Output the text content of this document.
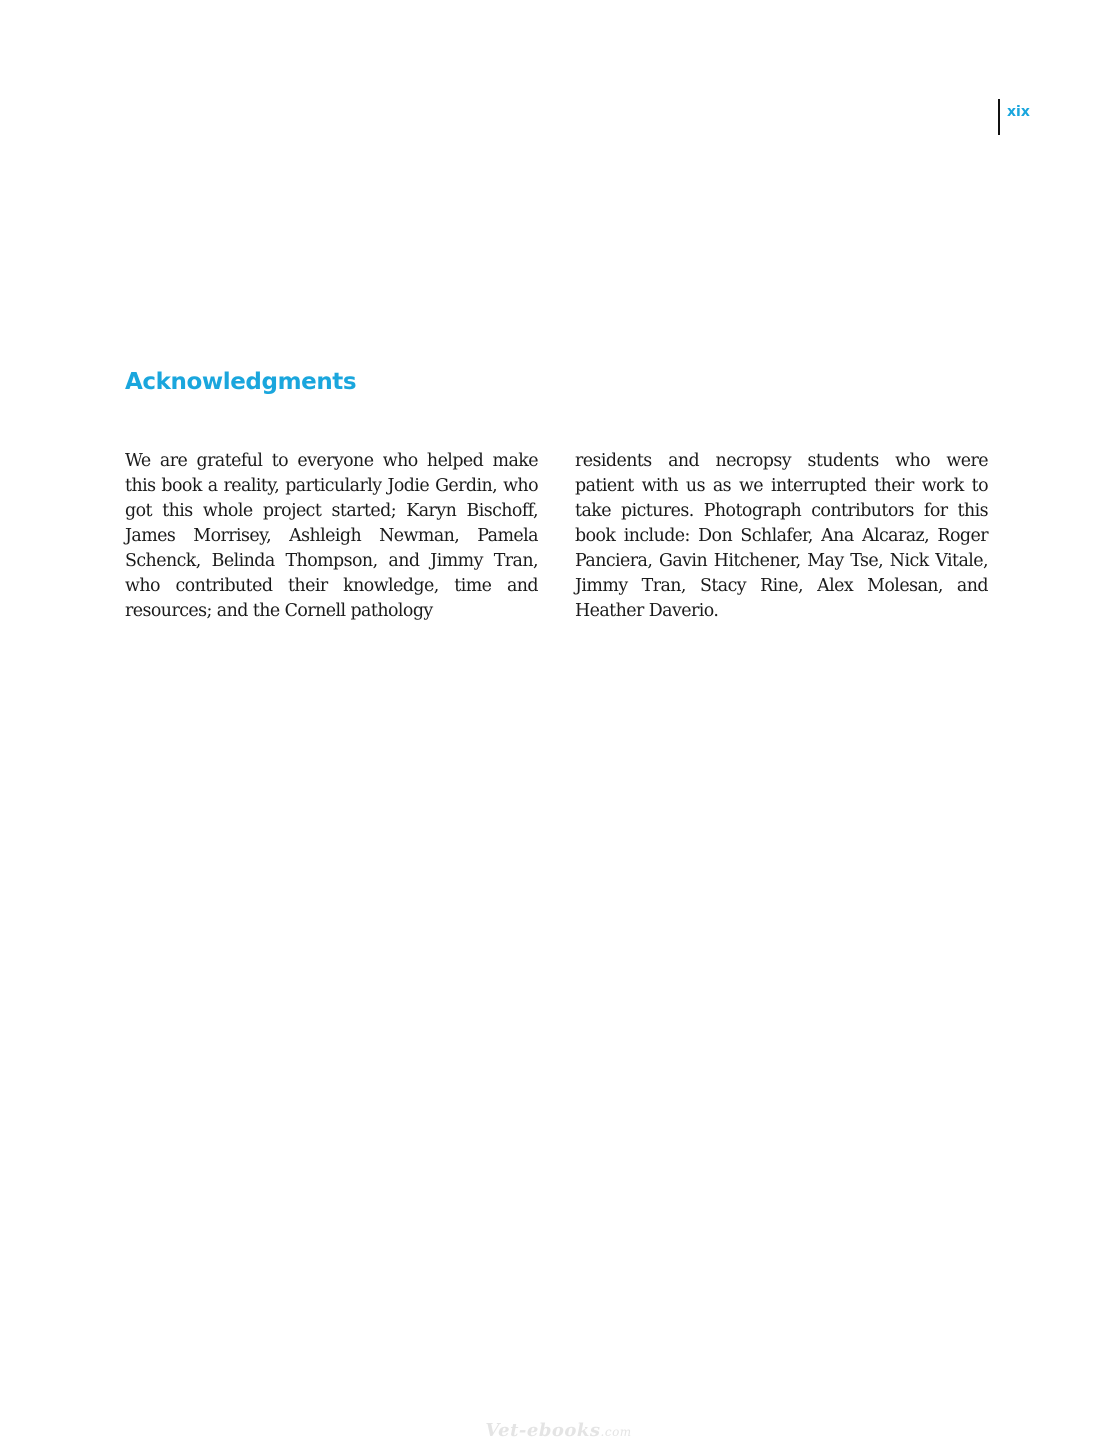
xix
Acknowledgments

We are grateful to everyone who helped make this book a reality, particularly Jodie Gerdin, who got this whole project started; Karyn Bischoff, James Morrisey, Ashleigh Newman, Pamela Schenck, Belinda Thompson, and Jimmy Tran, who contributed their knowledge, time and resources; and the Cornell pathology

residents and necropsy students who were patient with us as we interrupted their work to take pictures. Photograph contributors for this book include: Don Schlafer, Ana Alcaraz, Roger Panciera, Gavin Hitchener, May Tse, Nick Vitale, Jimmy Tran, Stacy Rine, Alex Molesan, and Heather Daverio.

Vet-ebooks.com
